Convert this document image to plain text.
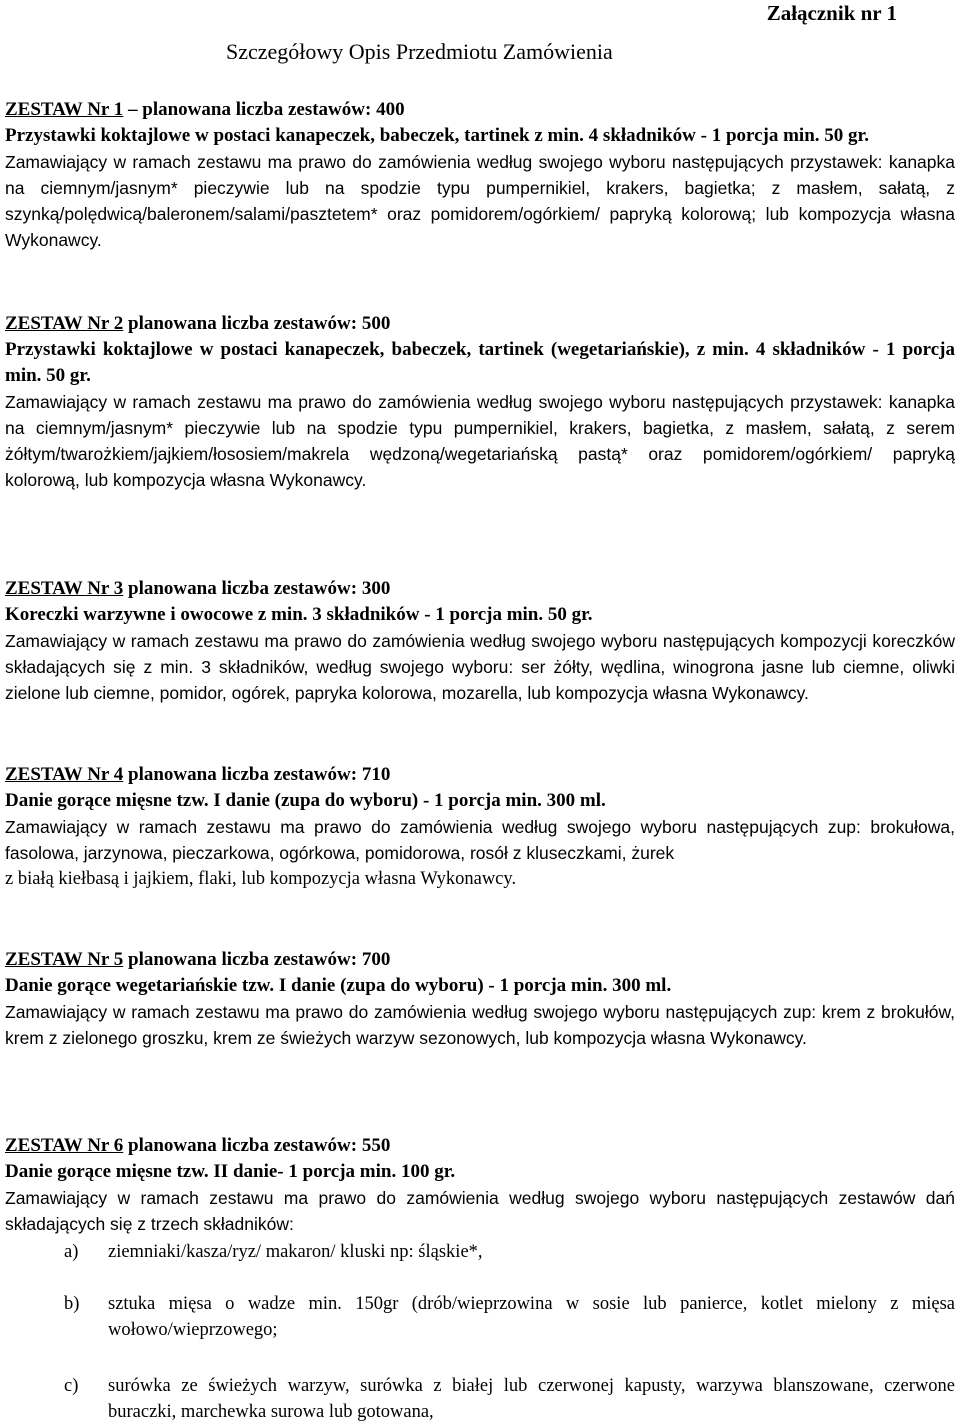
Załącznik nr 1
Szczegółowy Opis Przedmiotu Zamówienia
ZESTAW Nr 1 – planowana liczba zestawów: 400
Przystawki koktajlowe w postaci kanapeczek, babeczek, tartinek z min. 4 składników - 1 porcja min. 50 gr.
Zamawiający w ramach zestawu ma prawo do zamówienia według swojego wyboru następujących przystawek: kanapka na ciemnym/jasnym* pieczywie lub na spodzie typu pumpernikiel, krakers, bagietka; z masłem, sałatą, z szynką/polędwicą/baleronem/salami/pasztetem* oraz pomidorem/ogórkiem/ papryką kolorową; lub kompozycja własna Wykonawcy.
ZESTAW Nr 2 planowana liczba zestawów: 500
Przystawki koktajlowe w postaci kanapeczek, babeczek, tartinek (wegetariańskie), z min. 4 składników - 1 porcja min. 50 gr.
Zamawiający w ramach zestawu ma prawo do zamówienia według swojego wyboru następujących przystawek: kanapka na ciemnym/jasnym* pieczywie lub na spodzie typu pumpernikiel, krakers, bagietka, z masłem, sałatą, z serem żółtym/twarożkiem/jajkiem/łososiem/makrela wędzoną/wegetariańską pastą* oraz pomidorem/ogórkiem/ papryką kolorową, lub kompozycja własna Wykonawcy.
ZESTAW Nr 3 planowana liczba zestawów: 300
Koreczki warzywne i owocowe z min. 3 składników - 1 porcja min. 50 gr.
Zamawiający w ramach zestawu ma prawo do zamówienia według swojego wyboru następujących kompozycji koreczków składających się z min. 3 składników, według swojego wyboru: ser żółty, wędlina, winogrona jasne lub ciemne, oliwki zielone lub ciemne, pomidor, ogórek, papryka kolorowa, mozarella, lub kompozycja własna Wykonawcy.
ZESTAW Nr 4 planowana liczba zestawów: 710
Danie gorące mięsne tzw. I danie (zupa do wyboru) - 1 porcja min. 300 ml.
Zamawiający w ramach zestawu ma prawo do zamówienia według swojego wyboru następujących zup: brokułowa, fasolowa, jarzynowa, pieczarkowa, ogórkowa, pomidorowa, rosół z kluseczkami, żurek
z białą kiełbasą i jajkiem, flaki, lub kompozycja własna Wykonawcy.
ZESTAW Nr 5 planowana liczba zestawów: 700
Danie gorące wegetariańskie tzw. I danie (zupa do wyboru) - 1 porcja min. 300 ml.
Zamawiający w ramach zestawu ma prawo do zamówienia według swojego wyboru następujących zup: krem z brokułów, krem z zielonego groszku, krem ze świeżych warzyw sezonowych, lub kompozycja własna Wykonawcy.
ZESTAW Nr 6 planowana liczba zestawów: 550
Danie gorące mięsne tzw. II danie- 1 porcja min. 100 gr.
Zamawiający w ramach zestawu ma prawo do zamówienia według swojego wyboru następujących zestawów dań składających się z trzech składników:
a) ziemniaki/kasza/ryz/ makaron/ kluski np: śląskie*,
b) sztuka mięsa o wadze min. 150gr (drób/wieprzowina w sosie lub panierce, kotlet mielony z mięsa wołowo/wieprzowego;
c) surówka ze świeżych warzyw, surówka z białej lub czerwonej kapusty, warzywa blanszowane, czerwone buraczki, marchewka surowa lub gotowana,
